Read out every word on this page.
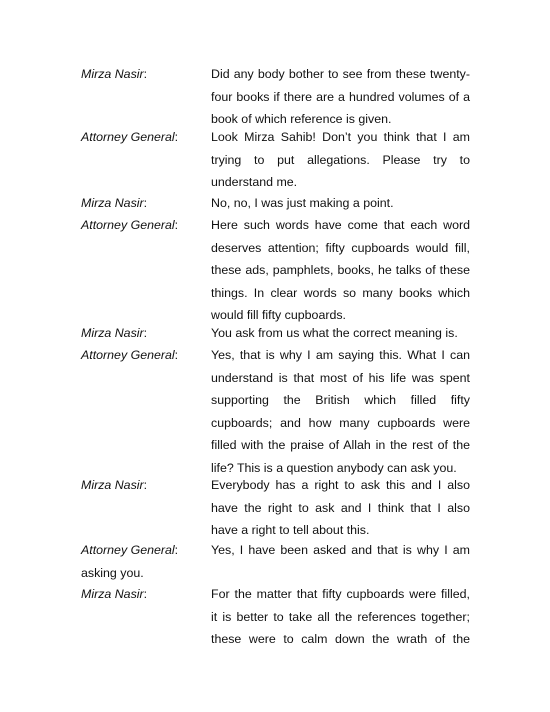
Mirza Nasir:	Did any body bother to see from these twenty-
four books if there are a hundred volumes of a
book of which reference is given.
Attorney General:	Look Mirza Sahib! Don’t you think that I am
trying to put allegations. Please try to
understand me.
Mirza Nasir:	No, no, I was just making a point.
Attorney General:	Here such words have come that each word
deserves attention; fifty cupboards would fill,
these ads, pamphlets, books, he talks of these
things. In clear words so many books which
would fill fifty cupboards.
Mirza Nasir:	You ask from us what the correct meaning is.
Attorney General:	Yes, that is why I am saying this. What I can
understand is that most of his life was spent
supporting the British which filled fifty
cupboards; and how many cupboards were
filled with the praise of Allah in the rest of the
life? This is a question anybody can ask you.
Mirza Nasir:	Everybody has a right to ask this and I also
have the right to ask and I think that I also
have a right to tell about this.
Attorney General:	Yes, I have been asked and that is why I am
asking you.
Mirza Nasir:	For the matter that fifty cupboards were filled,
it is better to take all the references together;
these were to calm down the wrath of the
